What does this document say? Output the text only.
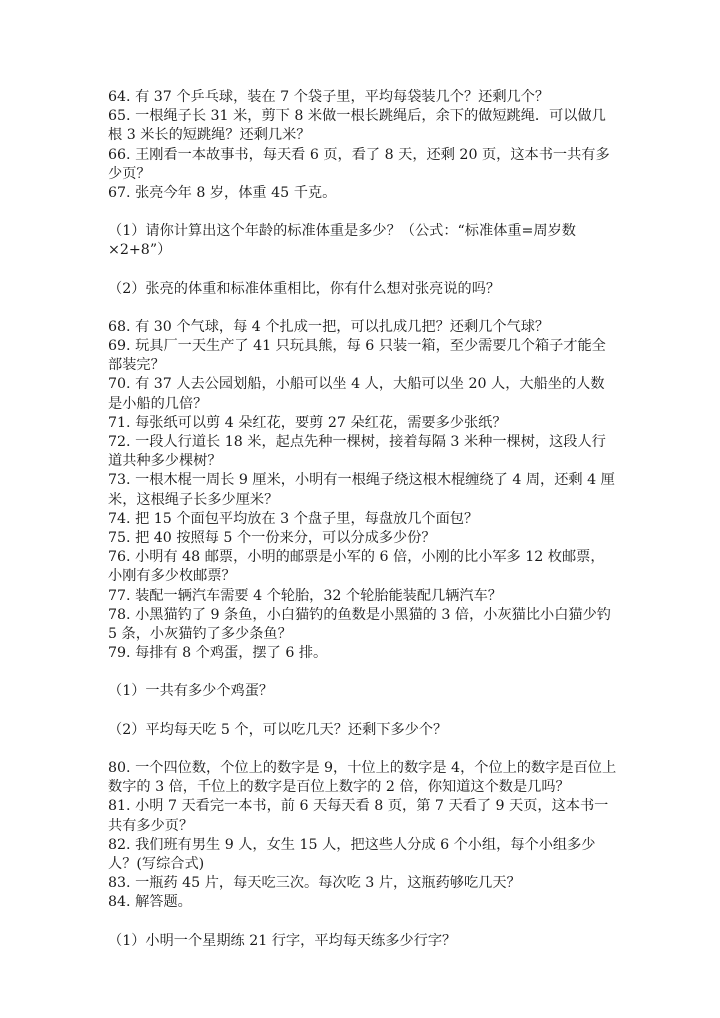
64. 有 37 个乒乓球，装在 7 个袋子里，平均每袋装几个？还剩几个？

65. 一根绳子长 31 米，剪下 8 米做一根长跳绳后，余下的做短跳绳．可以做几根 3 米长的短跳绳？还剩几米？

66. 王刚看一本故事书，每天看 6 页，看了 8 天，还剩 20 页，这本书一共有多少页？

67. 张亮今年 8 岁，体重 45 千克。

（1）请你计算出这个年龄的标准体重是多少？（公式：“标准体重=周岁数×2+8”）

（2）张亮的体重和标准体重相比，你有什么想对张亮说的吗？

68. 有 30 个气球，每 4 个扎成一把，可以扎成几把？还剩几个气球？

69. 玩具厂一天生产了 41 只玩具熊，每 6 只装一箱，至少需要几个箱子才能全部装完？

70. 有 37 人去公园划船，小船可以坐 4 人，大船可以坐 20 人，大船坐的人数是小船的几倍？

71. 每张纸可以剪 4 朵红花，要剪 27 朵红花，需要多少张纸？

72. 一段人行道长 18 米，起点先种一棵树，接着每隔 3 米种一棵树，这段人行道共种多少棵树？

73. 一根木棍一周长 9 厘米，小明有一根绳子绕这根木棍缠绕了 4 周，还剩 4 厘米，这根绳子长多少厘米？

74. 把 15 个面包平均放在 3 个盘子里，每盘放几个面包？

75. 把 40 按照每 5 个一份来分，可以分成多少份？

76. 小明有 48 邮票，小明的邮票是小军的 6 倍，小刚的比小军多 12 枚邮票，小刚有多少枚邮票？

77. 装配一辆汽车需要 4 个轮胎，32 个轮胎能装配几辆汽车？

78. 小黑猫钓了 9 条鱼，小白猫钓的鱼数是小黑猫的 3 倍，小灰猫比小白猫少钓 5 条，小灰猫钓了多少条鱼？

79. 每排有 8 个鸡蛋，摆了 6 排。

（1）一共有多少个鸡蛋？

（2）平均每天吃 5 个，可以吃几天？还剩下多少个？

80. 一个四位数，个位上的数字是 9，十位上的数字是 4，个位上的数字是百位上数字的 3 倍，千位上的数字是百位上数字的 2 倍，你知道这个数是几吗？

81. 小明 7 天看完一本书，前 6 天每天看 8 页，第 7 天看了 9 天页，这本书一共有多少页？

82. 我们班有男生 9 人，女生 15 人，把这些人分成 6 个小组，每个小组多少人？(写综合式)

83. 一瓶药 45 片，每天吃三次。每次吃 3 片，这瓶药够吃几天？

84. 解答题。

（1）小明一个星期练 21 行字，平均每天练多少行字？
